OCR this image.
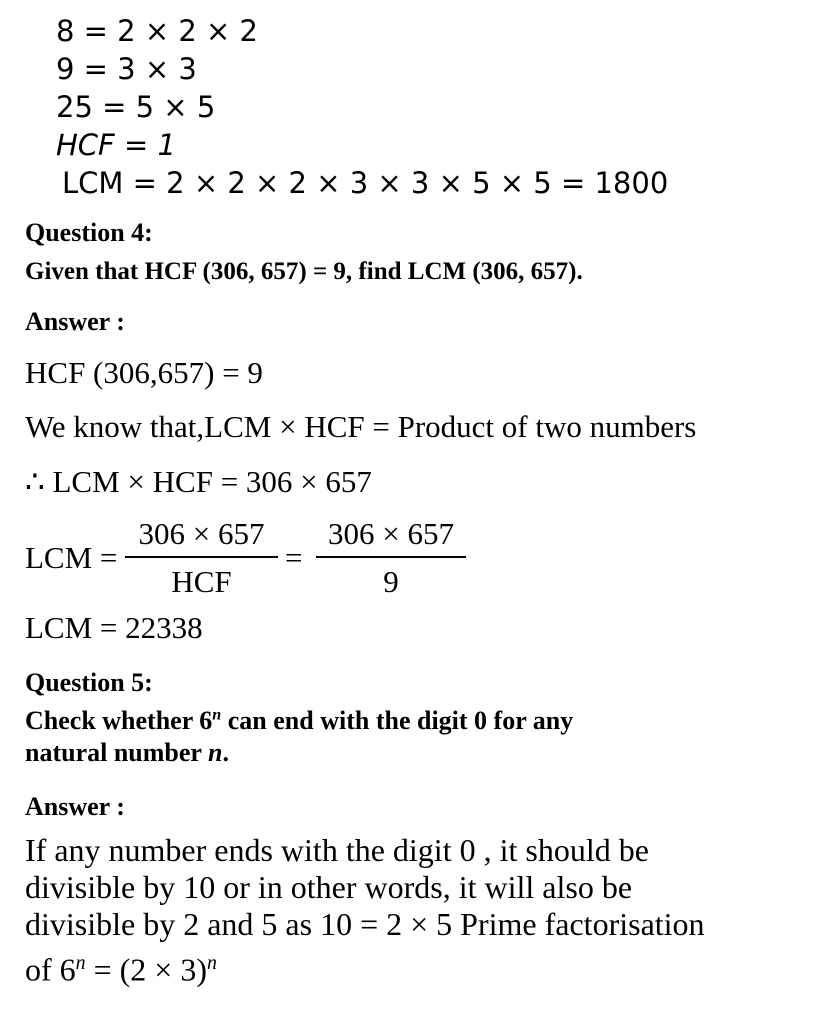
8 = 2 × 2 × 2
9 = 3 × 3
25 = 5 × 5
HCF = 1
LCM = 2 × 2 × 2 × 3 × 3 × 5 × 5 = 1800
Question 4:
Given that HCF (306, 657) = 9, find LCM (306, 657).
Answer :
HCF (306,657) = 9
We know that,LCM × HCF = Product of two numbers
∴ LCM × HCF = 306 × 657
LCM =
306 × 657
HCF
=
306 × 657
9
LCM = 22338
Question 5:
Check whether 6$^n$ can end with the digit 0 for any
natural number n.
Answer :
If any number ends with the digit 0 , it should be
divisible by 10 or in other words, it will also be
divisible by 2 and 5 as 10 = 2 × 5 Prime factorisation
of $6^n = (2 \times 3)^n$
